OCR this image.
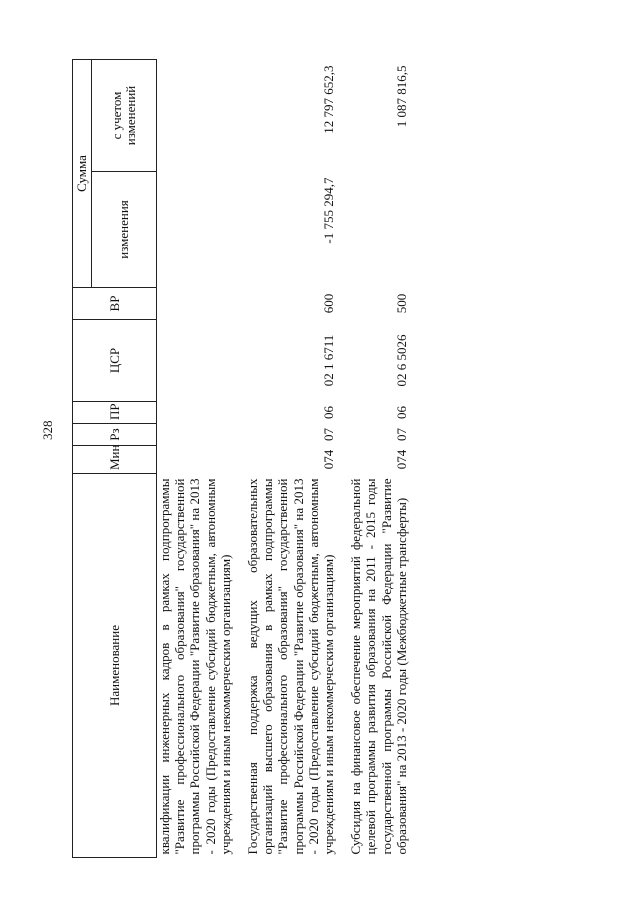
328
Наименование	Мин	Рз	ПР	ЦСР	ВР	Сумма	
						изменения	с учетом изменений
квалификации инженерных кадров в рамках подпрограммы "Развитие профессионального образования" государственной программы Российской Федерации "Развитие образования" на 2013 - 2020 годы (Предоставление субсидий бюджетным, автономным учреждениям и иным некоммерческим организациям)							
Государственная поддержка ведущих образовательных организаций высшего образования в рамках подпрограммы "Развитие профессионального образования" государственной программы Российской Федерации "Развитие образования" на 2013 - 2020 годы (Предоставление субсидий бюджетным, автономным учреждениям и иным некоммерческим организациям)	074	07	06	02 1 6711	600	-1 755 294,7	12 797 652,3
Субсидия на финансовое обеспечение мероприятий федеральной целевой программы развития образования на 2011 - 2015 годы государственной программы Российской Федерации "Развитие образования" на 2013 - 2020 годы (Межбюджетные трансферты)	074	07	06	02 6 5026	500		1 087 816,5
